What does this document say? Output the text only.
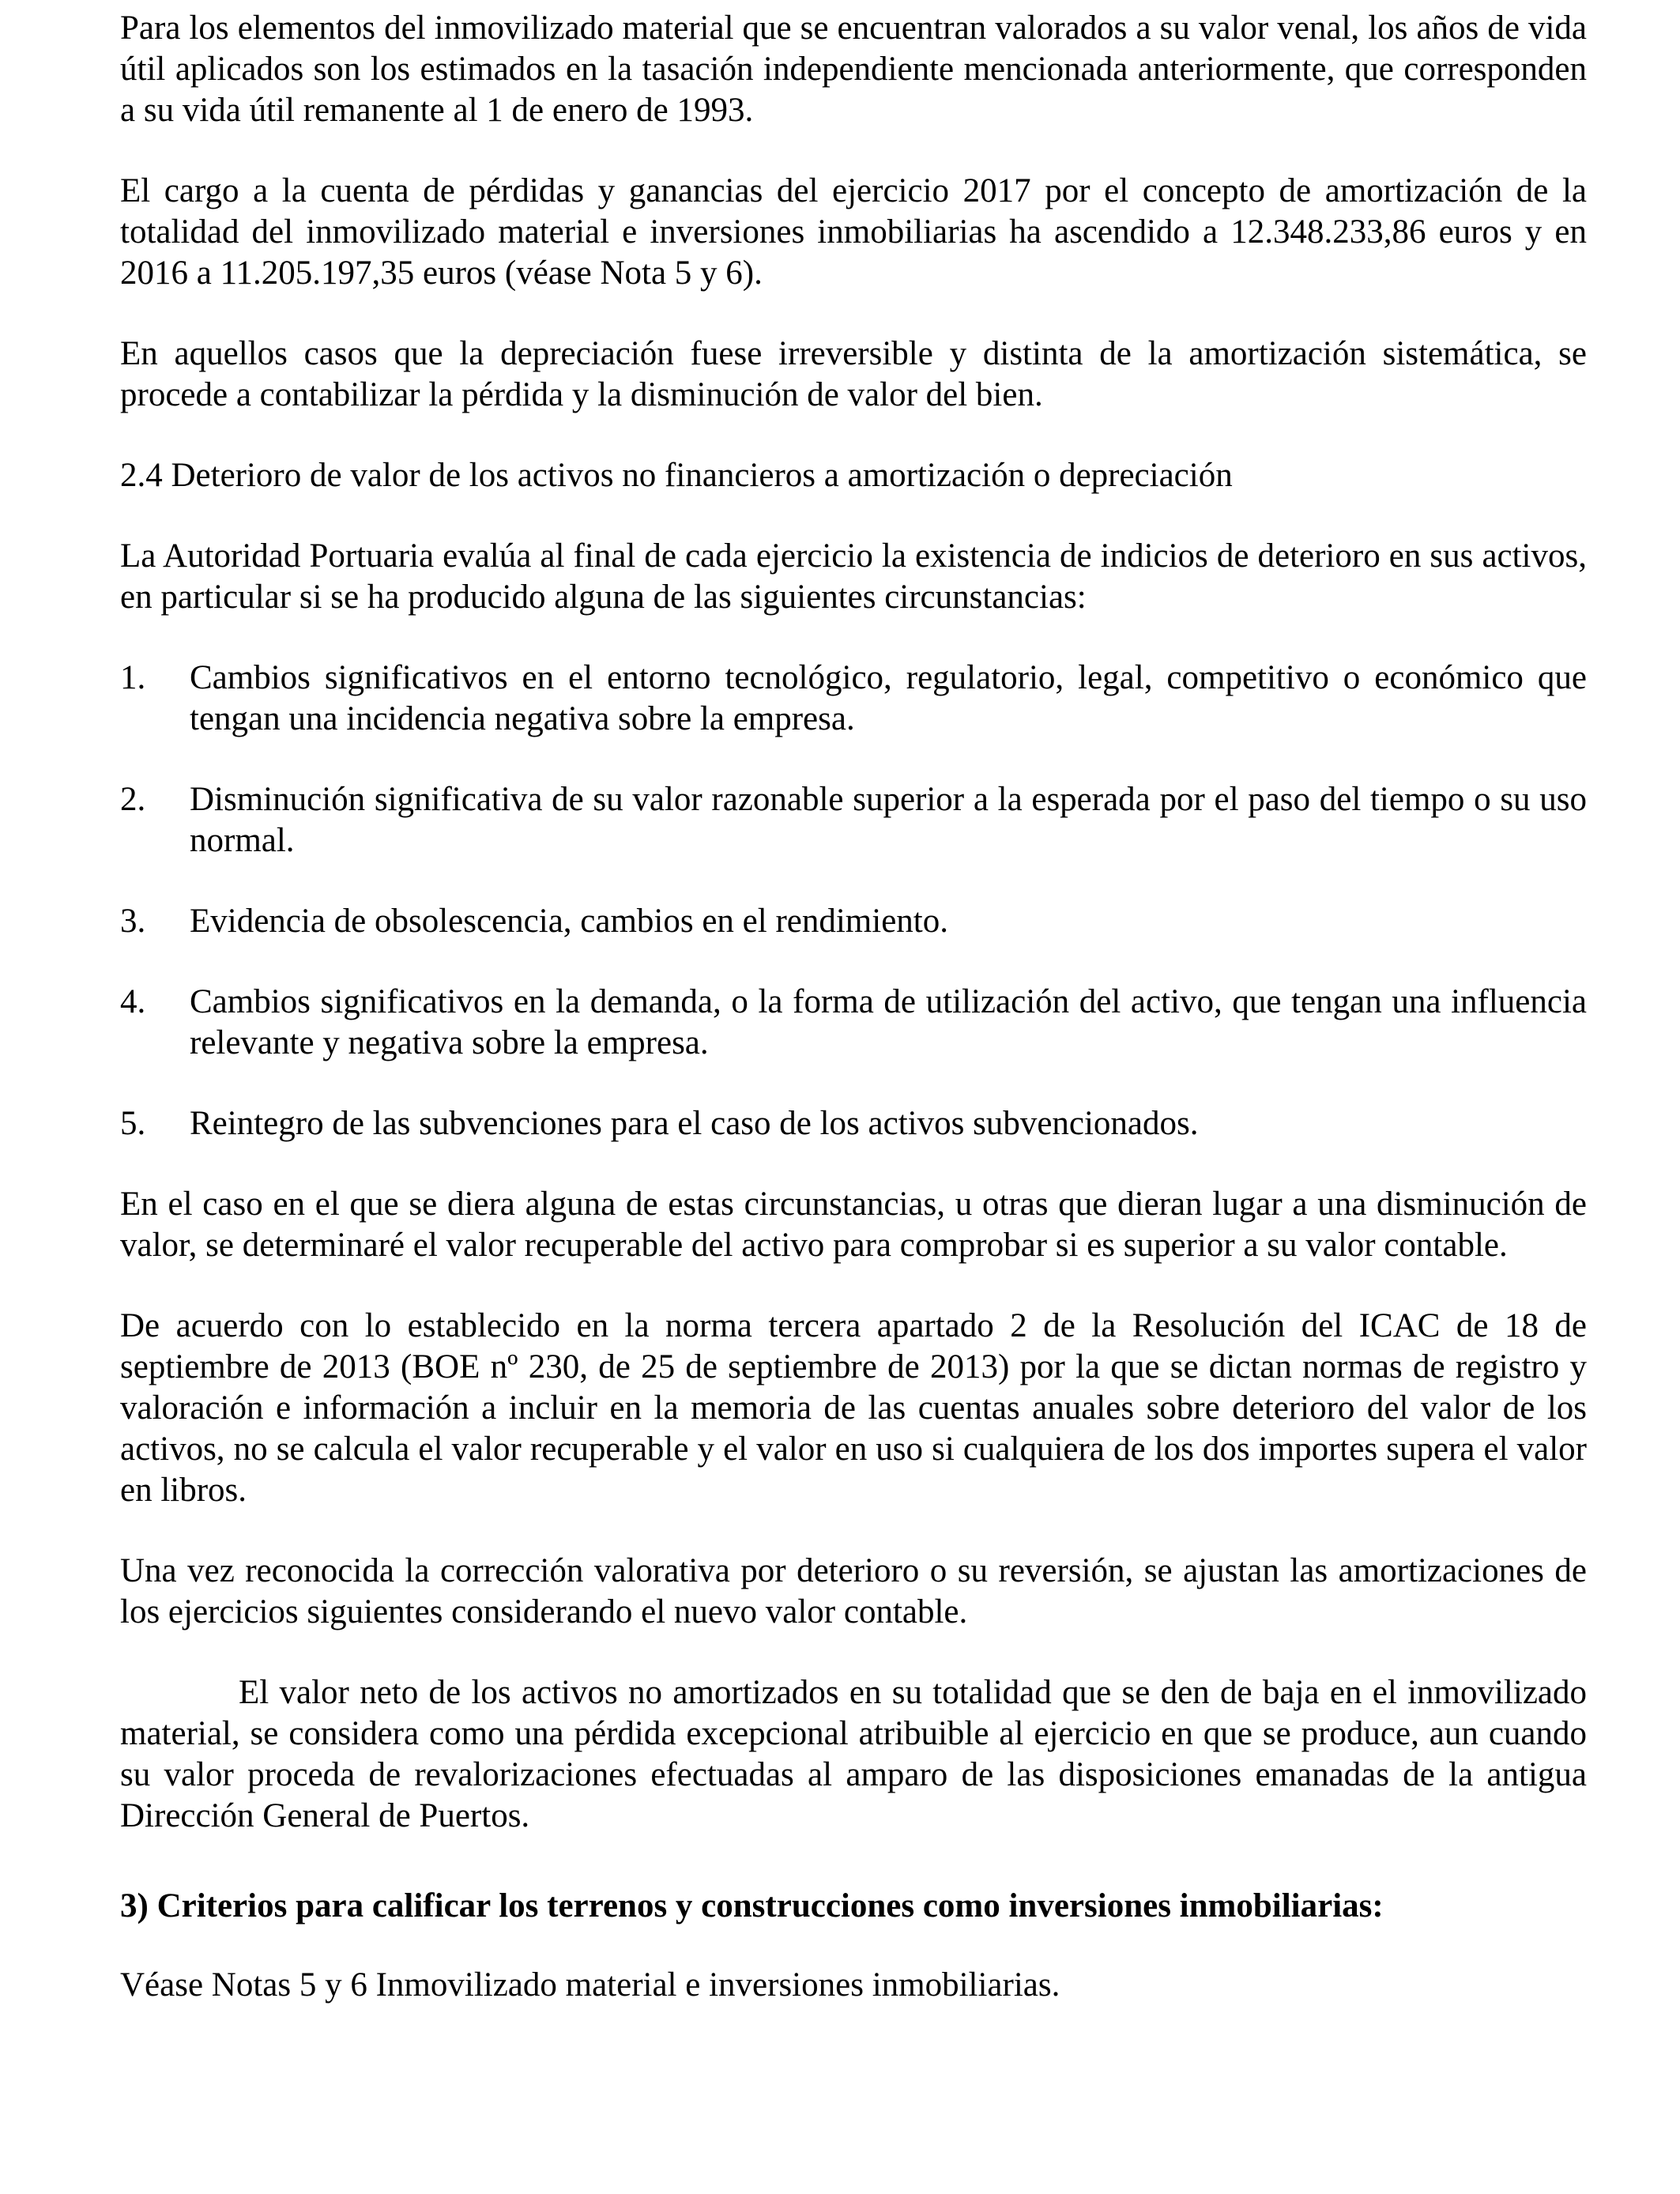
Para los elementos del inmovilizado material que se encuentran valorados a su valor venal, los años de vida útil aplicados son los estimados en la tasación independiente mencionada anteriormente, que corresponden a su vida útil remanente al 1 de enero de 1993.

El cargo a la cuenta de pérdidas y ganancias del ejercicio 2017 por el concepto de amortización de la totalidad del inmovilizado material e inversiones inmobiliarias ha ascendido a 12.348.233,86 euros y en 2016 a 11.205.197,35 euros (véase Nota 5 y 6).

En aquellos casos que la depreciación fuese irreversible y distinta de la amortización sistemática, se procede a contabilizar la pérdida y la disminución de valor del bien.

2.4 Deterioro de valor de los activos no financieros a amortización o depreciación

La Autoridad Portuaria evalúa al final de cada ejercicio la existencia de indicios de deterioro en sus activos, en particular si se ha producido alguna de las siguientes circunstancias:

1. Cambios significativos en el entorno tecnológico, regulatorio, legal, competitivo o económico que tengan una incidencia negativa sobre la empresa.
2. Disminución significativa de su valor razonable superior a la esperada por el paso del tiempo o su uso normal.
3. Evidencia de obsolescencia, cambios en el rendimiento.
4. Cambios significativos en la demanda, o la forma de utilización del activo, que tengan una influencia relevante y negativa sobre la empresa.
5. Reintegro de las subvenciones para el caso de los activos subvencionados.

En el caso en el que se diera alguna de estas circunstancias, u otras que dieran lugar a una disminución de valor, se determinaré el valor recuperable del activo para comprobar si es superior a su valor contable.

De acuerdo con lo establecido en la norma tercera apartado 2 de la Resolución del ICAC de 18 de septiembre de 2013 (BOE nº 230, de 25 de septiembre de 2013) por la que se dictan normas de registro y valoración e información a incluir en la memoria de las cuentas anuales sobre deterioro del valor de los activos, no se calcula el valor recuperable y el valor en uso si cualquiera de los dos importes supera el valor en libros.

Una vez reconocida la corrección valorativa por deterioro o su reversión, se ajustan las amortizaciones de los ejercicios siguientes considerando el nuevo valor contable.

El valor neto de los activos no amortizados en su totalidad que se den de baja en el inmovilizado material, se considera como una pérdida excepcional atribuible al ejercicio en que se produce, aun cuando su valor proceda de revalorizaciones efectuadas al amparo de las disposiciones emanadas de la antigua Dirección General de Puertos.

3) Criterios para calificar los terrenos y construcciones como inversiones inmobiliarias:

Véase Notas 5 y 6 Inmovilizado material e inversiones inmobiliarias.
